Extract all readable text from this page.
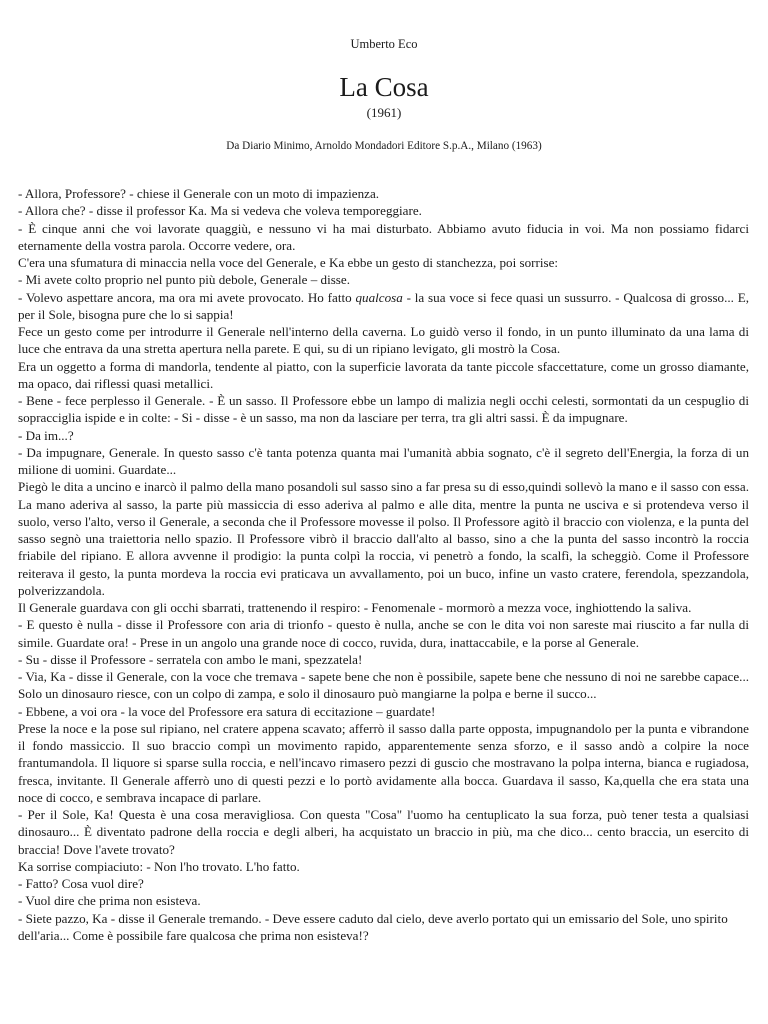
Umberto Eco
La Cosa
(1961)
Da Diario Minimo, Arnoldo Mondadori Editore S.p.A., Milano (1963)

- Allora, Professore? - chiese il Generale con un moto di impazienza.

- Allora che? - disse il professor Ka. Ma si vedeva che voleva temporeggiare.

- È cinque anni che voi lavorate quaggiù, e nessuno vi ha mai disturbato. Abbiamo avuto fiducia in voi. Ma non possiamo fidarci eternamente della vostra parola. Occorre vedere, ora.

C'era una sfumatura di minaccia nella voce del Generale, e Ka ebbe un gesto di stanchezza, poi sorrise:

- Mi avete colto proprio nel punto più debole, Generale – disse.

- Volevo aspettare ancora, ma ora mi avete provocato. Ho fatto qualcosa - la sua voce si fece quasi un sussurro. - Qualcosa di grosso... E, per il Sole, bisogna pure che lo si sappia!

Fece un gesto come per introdurre il Generale nell'interno della caverna. Lo guidò verso il fondo, in un punto illuminato da una lama di luce che entrava da una stretta apertura nella parete. E qui, su di un ripiano levigato, gli mostrò la Cosa.

Era un oggetto a forma di mandorla, tendente al piatto, con la superficie lavorata da tante piccole sfaccettature, come un grosso diamante, ma opaco, dai riflessi quasi metallici.

- Bene - fece perplesso il Generale. - È un sasso. Il Professore ebbe un lampo di malizia negli occhi celesti, sormontati da un cespuglio di sopracciglia ispide e in colte: - Si - disse - è un sasso, ma non da lasciare per terra, tra gli altri sassi. È da impugnare.

- Da im...?

- Da impugnare, Generale. In questo sasso c'è tanta potenza quanta mai l'umanità abbia sognato, c'è il segreto dell'Energia, la forza di un milione di uomini. Guardate...

Piegò le dita a uncino e inarcò il palmo della mano posandoli sul sasso sino a far presa su di esso,quindi sollevò la mano e il sasso con essa. La mano aderiva al sasso, la parte più massiccia di esso aderiva al palmo e alle dita, mentre la punta ne usciva e si protendeva verso il suolo, verso l'alto, verso il Generale, a seconda che il Professore movesse il polso. Il Professore agitò il braccio con violenza, e la punta del sasso segnò una traiettoria nello spazio. Il Professore vibrò il braccio dall'alto al basso, sino a che la punta del sasso incontrò la roccia friabile del ripiano. E allora avvenne il prodigio: la punta colpì la roccia, vi penetrò a fondo, la scalfì, la scheggiò. Come il Professore reiterava il gesto, la punta mordeva la roccia evi praticava un avvallamento, poi un buco, infine un vasto cratere, ferendola, spezzandola, polverizzandola.

Il Generale guardava con gli occhi sbarrati, trattenendo il respiro: - Fenomenale - mormorò a mezza voce, inghiottendo la saliva.

- E questo è nulla - disse il Professore con aria di trionfo - questo è nulla, anche se con le dita voi non sareste mai riuscito a far nulla di simile. Guardate ora! - Prese in un angolo una grande noce di cocco, ruvida, dura, inattaccabile, e la porse al Generale.

- Su - disse il Professore - serratela con ambo le mani, spezzatela!

- Via, Ka - disse il Generale, con la voce che tremava - sapete bene che non è possibile, sapete bene che nessuno di noi ne sarebbe capace... Solo un dinosauro riesce, con un colpo di zampa, e solo il dinosauro può mangiarne la polpa e berne il succo...

- Ebbene, a voi ora - la voce del Professore era satura di eccitazione – guardate!

Prese la noce e la pose sul ripiano, nel cratere appena scavato; afferrò il sasso dalla parte opposta, impugnandolo per la punta e vibrandone il fondo massiccio. Il suo braccio compì un movimento rapido, apparentemente senza sforzo, e il sasso andò a colpire la noce frantumandola. Il liquore si sparse sulla roccia, e nell'incavo rimasero pezzi di guscio che mostravano la polpa interna, bianca e rugiadosa, fresca, invitante. Il Generale afferrò uno di questi pezzi e lo portò avidamente alla bocca. Guardava il sasso, Ka,quella che era stata una noce di cocco, e sembrava incapace di parlare.

- Per il Sole, Ka! Questa è una cosa meravigliosa. Con questa "Cosa" l'uomo ha centuplicato la sua forza, può tener testa a qualsiasi dinosauro... È diventato padrone della roccia e degli alberi, ha acquistato un braccio in più, ma che dico... cento braccia, un esercito di braccia! Dove l'avete trovato?

Ka sorrise compiaciuto: - Non l'ho trovato. L'ho fatto.

- Fatto? Cosa vuol dire?

- Vuol dire che prima non esisteva.

- Siete pazzo, Ka - disse il Generale tremando. - Deve essere caduto dal cielo, deve averlo portato qui un emissario del Sole, uno spirito dell'aria... Come è possibile fare qualcosa che prima non esisteva!?
